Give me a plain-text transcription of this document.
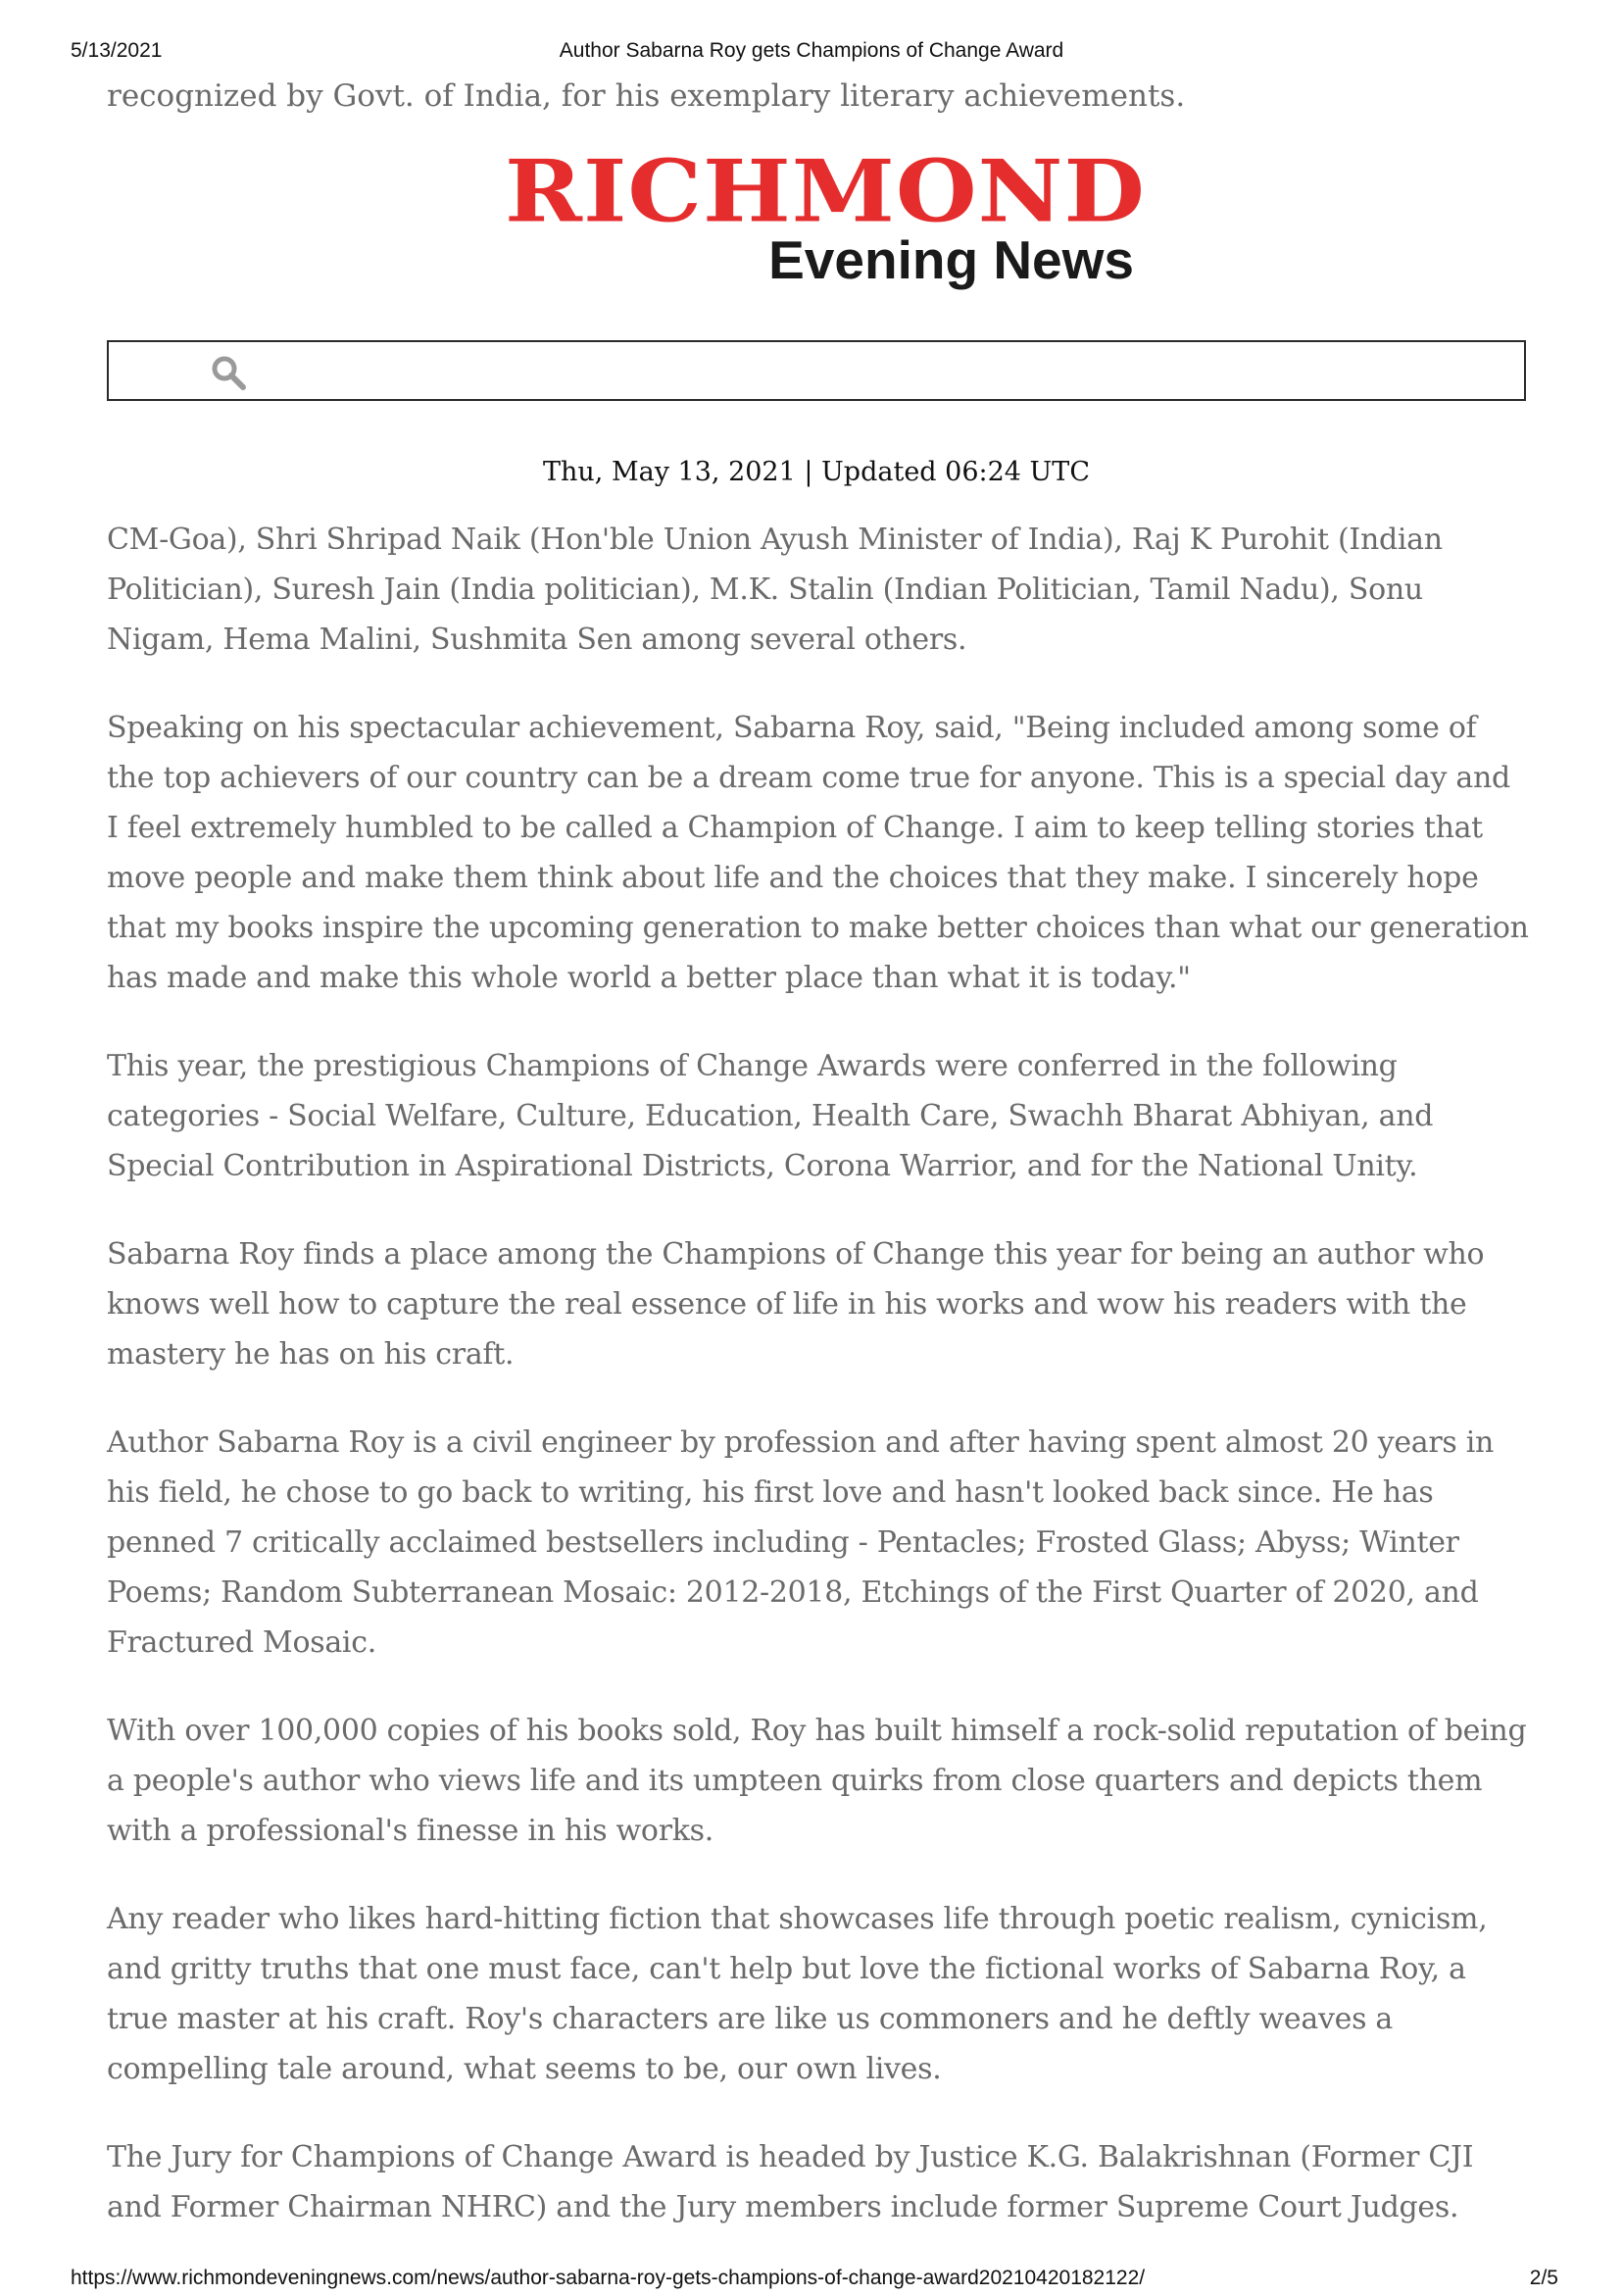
5/13/2021	Author Sabarna Roy gets Champions of Change Award

recognized by Govt. of India, for his exemplary literary achievements.

RICHMOND
Evening News
Thu, May 13, 2021 | Updated 06:24 UTC

CM-Goa), Shri Shripad Naik (Hon'ble Union Ayush Minister of India), Raj K Purohit (Indian Politician), Suresh Jain (India politician), M.K. Stalin (Indian Politician, Tamil Nadu), Sonu Nigam, Hema Malini, Sushmita Sen among several others.

Speaking on his spectacular achievement, Sabarna Roy, said, "Being included among some of the top achievers of our country can be a dream come true for anyone. This is a special day and I feel extremely humbled to be called a Champion of Change. I aim to keep telling stories that move people and make them think about life and the choices that they make. I sincerely hope that my books inspire the upcoming generation to make better choices than what our generation has made and make this whole world a better place than what it is today."

This year, the prestigious Champions of Change Awards were conferred in the following categories - Social Welfare, Culture, Education, Health Care, Swachh Bharat Abhiyan, and Special Contribution in Aspirational Districts, Corona Warrior, and for the National Unity.

Sabarna Roy finds a place among the Champions of Change this year for being an author who knows well how to capture the real essence of life in his works and wow his readers with the mastery he has on his craft.

Author Sabarna Roy is a civil engineer by profession and after having spent almost 20 years in his field, he chose to go back to writing, his first love and hasn't looked back since. He has penned 7 critically acclaimed bestsellers including - Pentacles; Frosted Glass; Abyss; Winter Poems; Random Subterranean Mosaic: 2012-2018, Etchings of the First Quarter of 2020, and Fractured Mosaic.

With over 100,000 copies of his books sold, Roy has built himself a rock-solid reputation of being a people's author who views life and its umpteen quirks from close quarters and depicts them with a professional's finesse in his works.

Any reader who likes hard-hitting fiction that showcases life through poetic realism, cynicism, and gritty truths that one must face, can't help but love the fictional works of Sabarna Roy, a true master at his craft. Roy's characters are like us commoners and he deftly weaves a compelling tale around, what seems to be, our own lives.

The Jury for Champions of Change Award is headed by Justice K.G. Balakrishnan (Former CJI and Former Chairman NHRC) and the Jury members include former Supreme Court Judges.

https://www.richmondeveningnews.com/news/author-sabarna-roy-gets-champions-of-change-award20210420182122/	2/5
